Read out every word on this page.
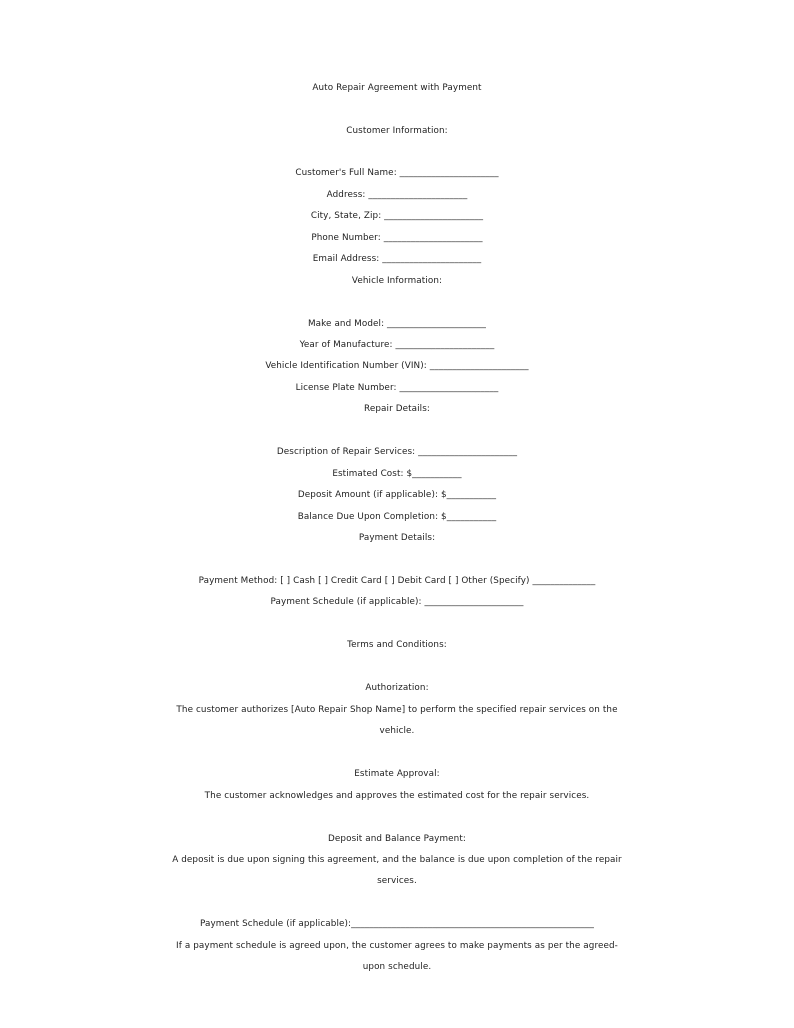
Auto Repair Agreement with Payment
Customer Information:
Customer's Full Name: ______________________
Address: ______________________
City, State, Zip: ______________________
Phone Number: ______________________
Email Address: ______________________
Vehicle Information:
Make and Model: ______________________
Year of Manufacture: ______________________
Vehicle Identification Number (VIN): ______________________
License Plate Number: ______________________
Repair Details:
Description of Repair Services: ______________________
Estimated Cost: $___________
Deposit Amount (if applicable): $___________
Balance Due Upon Completion: $___________
Payment Details:
Payment Method: [ ] Cash [ ] Credit Card [ ] Debit Card [ ] Other (Specify) ______________
Payment Schedule (if applicable): ______________________
Terms and Conditions:
Authorization:
The customer authorizes [Auto Repair Shop Name] to perform the specified repair services on the
vehicle.
Estimate Approval:
The customer acknowledges and approves the estimated cost for the repair services.
Deposit and Balance Payment:
A deposit is due upon signing this agreement, and the balance is due upon completion of the repair
services.
Payment Schedule (if applicable):______________________________________________________
If a payment schedule is agreed upon, the customer agrees to make payments as per the agreed-
upon schedule.
